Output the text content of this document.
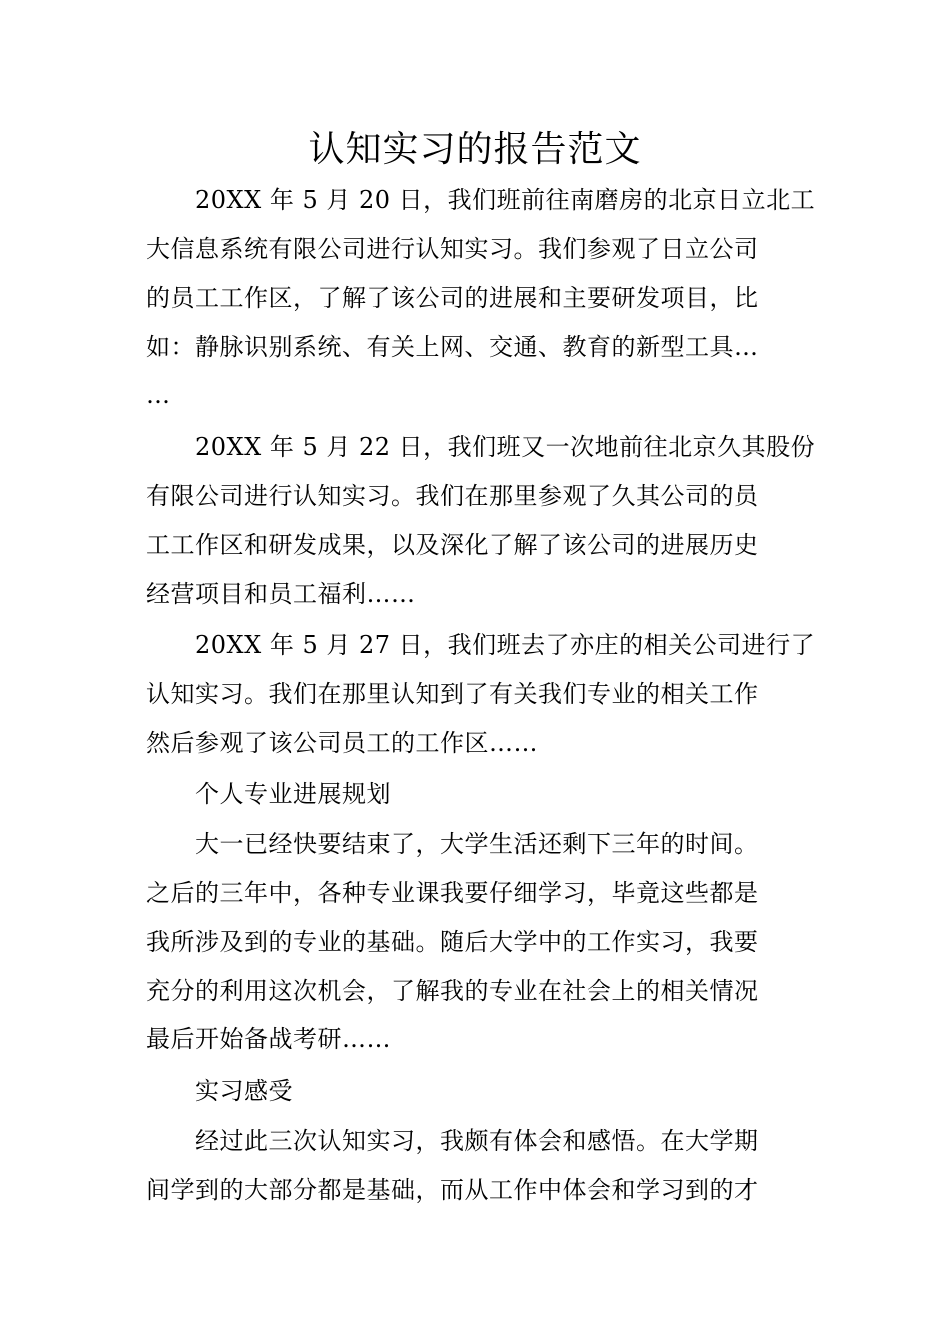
认知实习的报告范文
　　20XX 年 5 月 20 日，我们班前往南磨房的北京日立北工
大信息系统有限公司进行认知实习。我们参观了日立公司
的员工工作区，了解了该公司的进展和主要研发项目，比
如：静脉识别系统、有关上网、交通、教育的新型工具…
…
　　20XX 年 5 月 22 日，我们班又一次地前往北京久其股份
有限公司进行认知实习。我们在那里参观了久其公司的员
工工作区和研发成果，以及深化了解了该公司的进展历史
经营项目和员工福利……
　　20XX 年 5 月 27 日，我们班去了亦庄的相关公司进行了
认知实习。我们在那里认知到了有关我们专业的相关工作
然后参观了该公司员工的工作区……
　　个人专业进展规划
　　大一已经快要结束了，大学生活还剩下三年的时间。
之后的三年中，各种专业课我要仔细学习，毕竟这些都是
我所涉及到的专业的基础。随后大学中的工作实习，我要
充分的利用这次机会，了解我的专业在社会上的相关情况
最后开始备战考研……
　　实习感受
　　经过此三次认知实习，我颇有体会和感悟。在大学期
间学到的大部分都是基础，而从工作中体会和学习到的才
